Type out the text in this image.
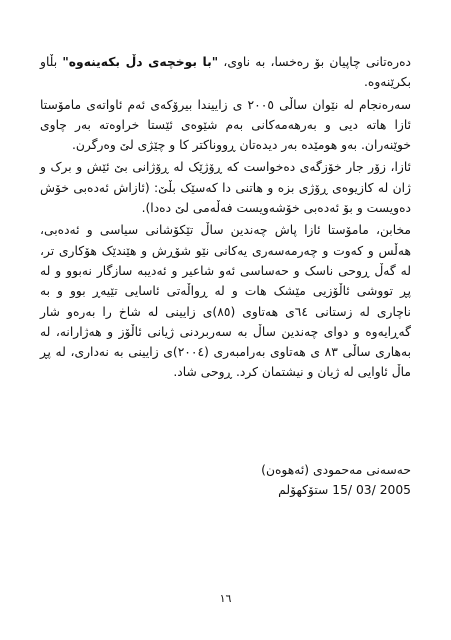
دەرەتانی چاپیان بۆ رەخسا، بە ناوی، "با بوخچەی دڵ بکەینەوە" بڵاو بکرێنەوە.

سەرەنجام لە نێوان ساڵی ٢٠٠٥ ی زاییندا بیرۆکەی ئەم ئاواتەی مامۆستا ئازا هاتە دیی و بەرهەمەکانی بەم شێوەی ئێستا خراوەتە بەر چاوی خوێنەران. بەو هومێدە بەر دیدەتان ڕووناکتر کا و چێژی لێ وەرگرن.

ئازا، زۆر جار خۆزگەی دەخواست کە ڕۆژێک لە ڕۆژانی بێ ئێش و برک و ژان لە کازیوەی ڕۆژی بزە و هاتنی دا کەسێک بڵێ: (ئازاش ئەدەبی خۆش دەویست و بۆ ئەدەبی خۆشەویست فەڵەمی لێ دەدا).

مخابن، مامۆستا ئازا پاش چەندین ساڵ تێکۆشانی سیاسی و ئەدەبی، هەڵس و کەوت و چەرمەسەری یەکانی نێو شۆڕش و هێندێک هۆکاری تر، لە گەڵ ڕوحی ناسک و حەساسی ئەو شاعیر و ئەدیبە سازگار نەبوو و لە پڕ تووشی ئاڵۆزیی مێشک هات و لە ڕواڵەتی ئاسایی تێیەڕ بوو و بە ناچاری لە زستانی ٦٤ی هەتاوی (٨٥)ی زایینی لە شاخ را بەرەو شار گەڕایەوە و دوای چەندین ساڵ بە سەربردنی ژیانی ئاڵۆز و هەژارانە، لە بەهاری ساڵی ٨٣ ی هەتاوی بەرامبەری (٢٠٠٤)ی زایینی بە نەداری، لە پڕ ماڵ ئاوایی لە ژیان و نیشتمان کرد. ڕوحی شاد.

حەسەنی مەحمودی (ئەهوەن)
2005 /03 /15 ستۆکهۆلم
١٦
